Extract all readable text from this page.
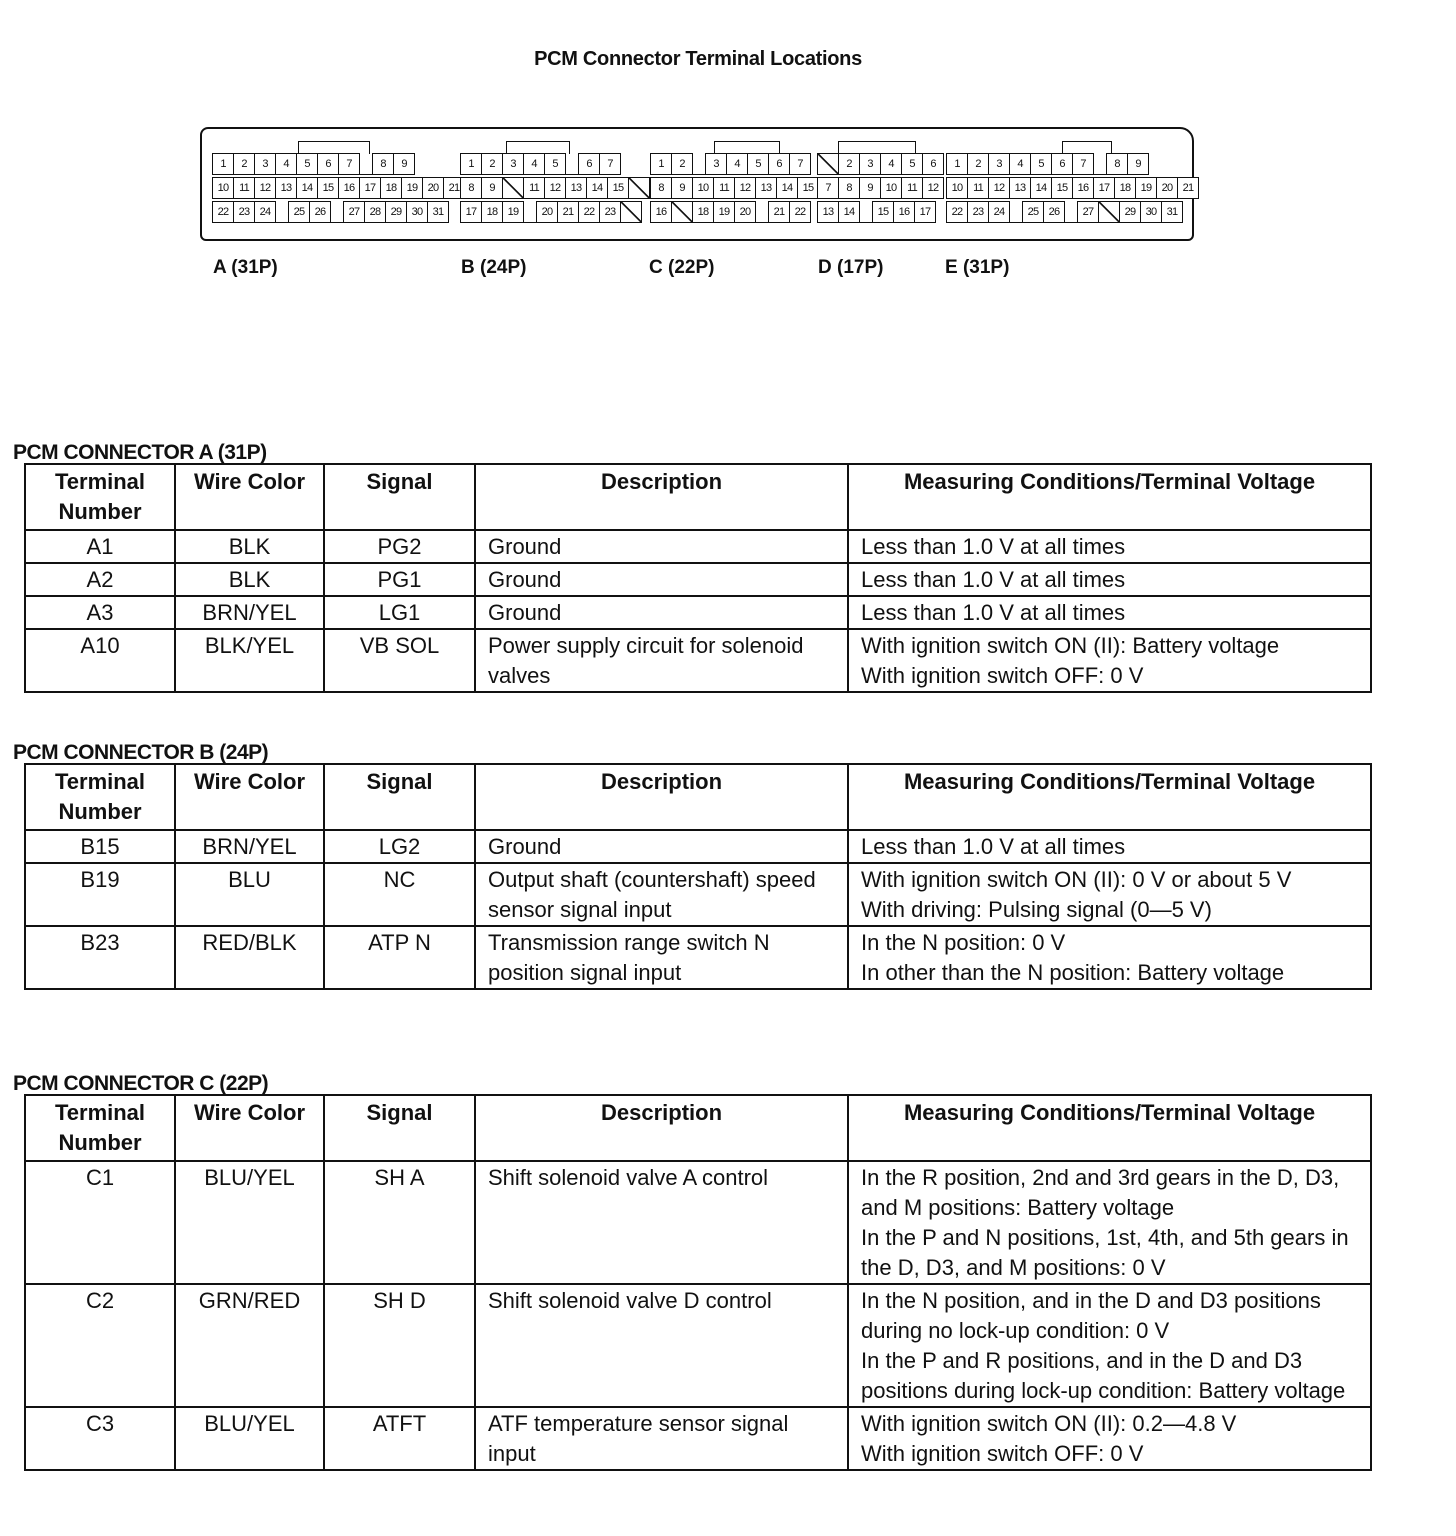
PCM Connector Terminal Locations
1	2	3	4	5	6	7	8	9
10 11 12 13 14 15 16 17 18 19 20 21
22 23 24	25 26	27 28 29 30 31
1	2	3	4	5	6	7
8	9	11 12 13 14 15
17 18 19	20 21 22 23
1	2	3	4	5	6	7
8	9	10 11 12 13 14 15
16	18 19 20	21 22
2	3	4	5	6
7	8	9	10 11 12
13 14	15 16 17
1	2	3	4	5	6	7	8	9
10 11 12 13 14 15 16 17 18 19 20 21
22 23 24	25 26	27	29 30 31
A (31P)	B (24P)	C (22P)	D (17P)	E (31P)
PCM CONNECTOR A (31P)
Terminal Number	Wire Color	Signal	Description	Measuring Conditions/Terminal Voltage
A1	BLK	PG2	Ground	Less than 1.0 V at all times

A2	BLK	PG1	Ground	Less than 1.0 V at all times

A3	BRN/YEL	LG1	Ground	Less than 1.0 V at all times

A10	BLK/YEL	VB SOL	Power supply circuit for solenoid valves	With ignition switch ON (II): Battery voltage
With ignition switch OFF: 0 V
PCM CONNECTOR B (24P)
Terminal Number	Wire Color	Signal	Description	Measuring Conditions/Terminal Voltage
B15	BRN/YEL	LG2	Ground	Less than 1.0 V at all times

B19	BLU	NC	Output shaft (countershaft) speed sensor signal input	With ignition switch ON (II): 0 V or about 5 V
With driving: Pulsing signal (0—5 V)

B23	RED/BLK	ATP N	Transmission range switch N position signal input	In the N position: 0 V
In other than the N position: Battery voltage
PCM CONNECTOR C (22P)
Terminal Number	Wire Color	Signal	Description	Measuring Conditions/Terminal Voltage
C1	BLU/YEL	SH A	Shift solenoid valve A control	In the R position, 2nd and 3rd gears in the D, D3, and M positions: Battery voltage
In the P and N positions, 1st, 4th, and 5th gears in the D, D3, and M positions: 0 V

C2	GRN/RED	SH D	Shift solenoid valve D control	In the N position, and in the D and D3 positions during no lock-up condition: 0 V
In the P and R positions, and in the D and D3 positions during lock-up condition: Battery voltage

C3	BLU/YEL	ATFT	ATF temperature sensor signal input	With ignition switch ON (II): 0.2—4.8 V
With ignition switch OFF: 0 V
